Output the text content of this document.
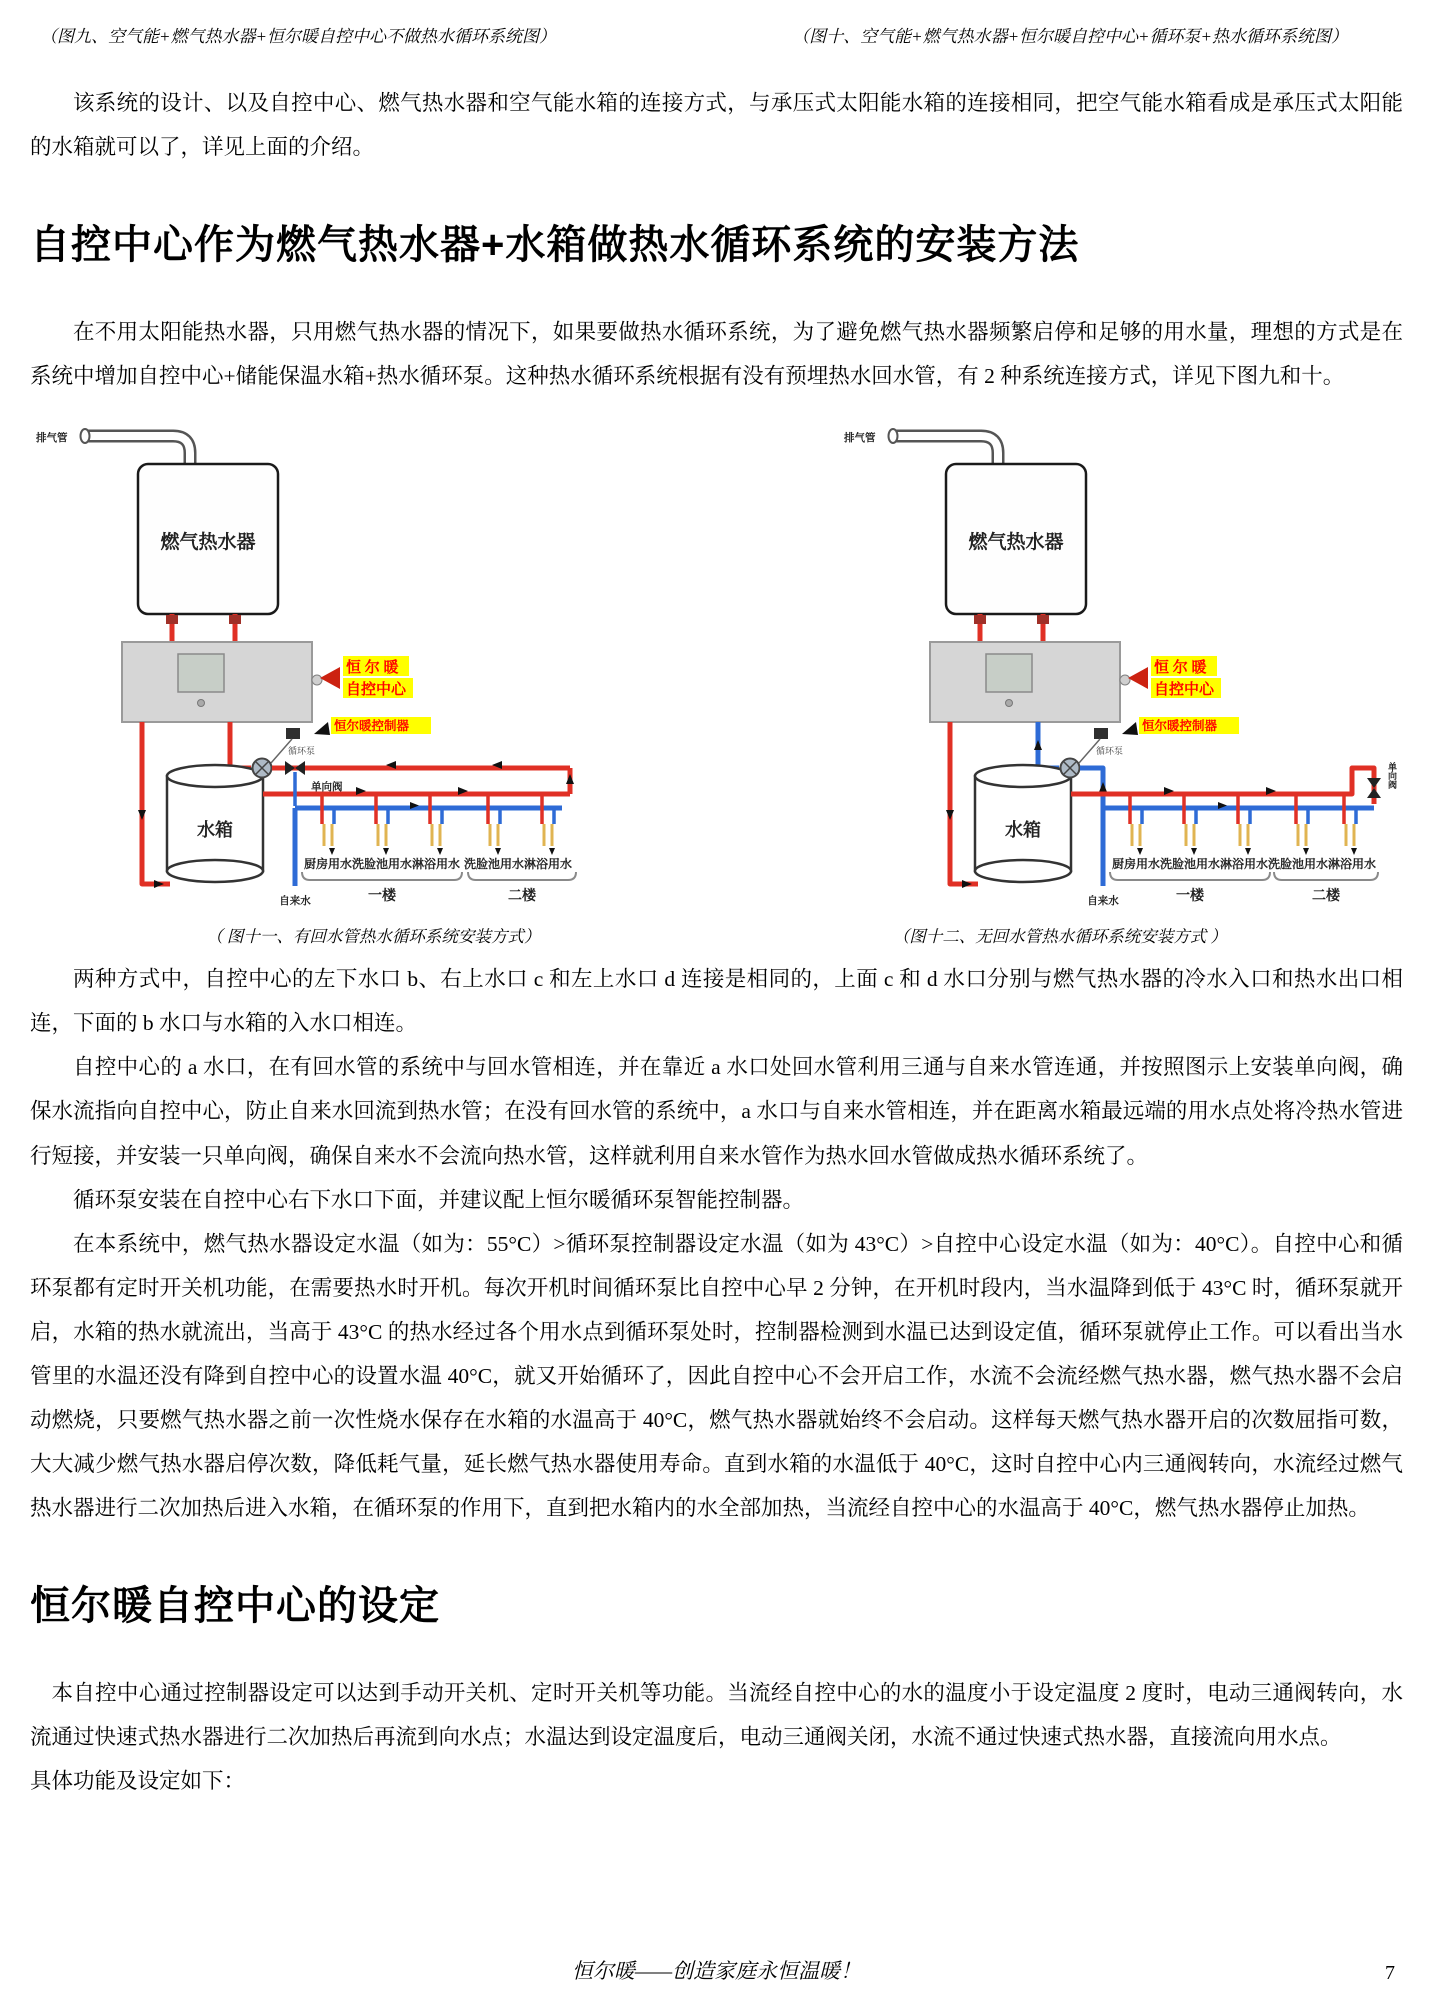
（图九、空气能+燃气热水器+恒尔暖自控中心不做热水循环系统图）	（图十、空气能+燃气热水器+恒尔暖自控中心+循环泵+热水循环系统图）

该系统的设计、以及自控中心、燃气热水器和空气能水箱的连接方式，与承压式太阳能水箱的连接相同，把空气能水箱看成是承压式太阳能的水箱就可以了，详见上面的介绍。

自控中心作为燃气热水器+水箱做热水循环系统的安装方法

在不用太阳能热水器，只用燃气热水器的情况下，如果要做热水循环系统，为了避免燃气热水器频繁启停和足够的用水量，理想的方式是在系统中增加自控中心+储能保温水箱+热水循环泵。这种热水循环系统根据有没有预埋热水回水管，有 2 种系统连接方式，详见下图九和十。

排气管
燃气热水器
恒 尔 暖
自控中心
恒尔暖控制器
循环泵
水箱
单向阀
自来水
厨房用水 洗脸池用水 淋浴用水 洗脸池用水 淋浴用水
一楼	二楼
排气管
燃气热水器
恒 尔 暖
自控中心
恒尔暖控制器
循环泵
水箱
单向阀
自来水
厨房用水 洗脸池用水 淋浴用水 洗脸池用水 淋浴用水
一楼	二楼
（ 图十一、有回水管热水循环系统安装方式）	（图十二、无回水管热水循环系统安装方式 ）

两种方式中，自控中心的左下水口 b、右上水口 c 和左上水口 d 连接是相同的，上面 c 和 d 水口分别与燃气热水器的冷水入口和热水出口相连，下面的 b 水口与水箱的入水口相连。

自控中心的 a 水口，在有回水管的系统中与回水管相连，并在靠近 a 水口处回水管利用三通与自来水管连通，并按照图示上安装单向阀，确保水流指向自控中心，防止自来水回流到热水管；在没有回水管的系统中，a 水口与自来水管相连，并在距离水箱最远端的用水点处将冷热水管进行短接，并安装一只单向阀，确保自来水不会流向热水管，这样就利用自来水管作为热水回水管做成热水循环系统了。

循环泵安装在自控中心右下水口下面，并建议配上恒尔暖循环泵智能控制器。

在本系统中，燃气热水器设定水温（如为：55°C）>循环泵控制器设定水温（如为 43°C）>自控中心设定水温（如为：40°C）。自控中心和循环泵都有定时开关机功能，在需要热水时开机。每次开机时间循环泵比自控中心早 2 分钟，在开机时段内，当水温降到低于 43°C 时，循环泵就开启，水箱的热水就流出，当高于 43°C 的热水经过各个用水点到循环泵处时，控制器检测到水温已达到设定值，循环泵就停止工作。可以看出当水管里的水温还没有降到自控中心的设置水温 40°C，就又开始循环了，因此自控中心不会开启工作，水流不会流经燃气热水器，燃气热水器不会启动燃烧，只要燃气热水器之前一次性烧水保存在水箱的水温高于 40°C，燃气热水器就始终不会启动。这样每天燃气热水器开启的次数屈指可数，大大减少燃气热水器启停次数，降低耗气量，延长燃气热水器使用寿命。直到水箱的水温低于 40°C，这时自控中心内三通阀转向，水流经过燃气热水器进行二次加热后进入水箱，在循环泵的作用下，直到把水箱内的水全部加热，当流经自控中心的水温高于 40°C，燃气热水器停止加热。

恒尔暖自控中心的设定

本自控中心通过控制器设定可以达到手动开关机、定时开关机等功能。当流经自控中心的水的温度小于设定温度 2 度时，电动三通阀转向，水流通过快速式热水器进行二次加热后再流到向水点；水温达到设定温度后，电动三通阀关闭，水流不通过快速式热水器，直接流向用水点。

具体功能及设定如下：

恒尔暖——创造家庭永恒温暖！	7
